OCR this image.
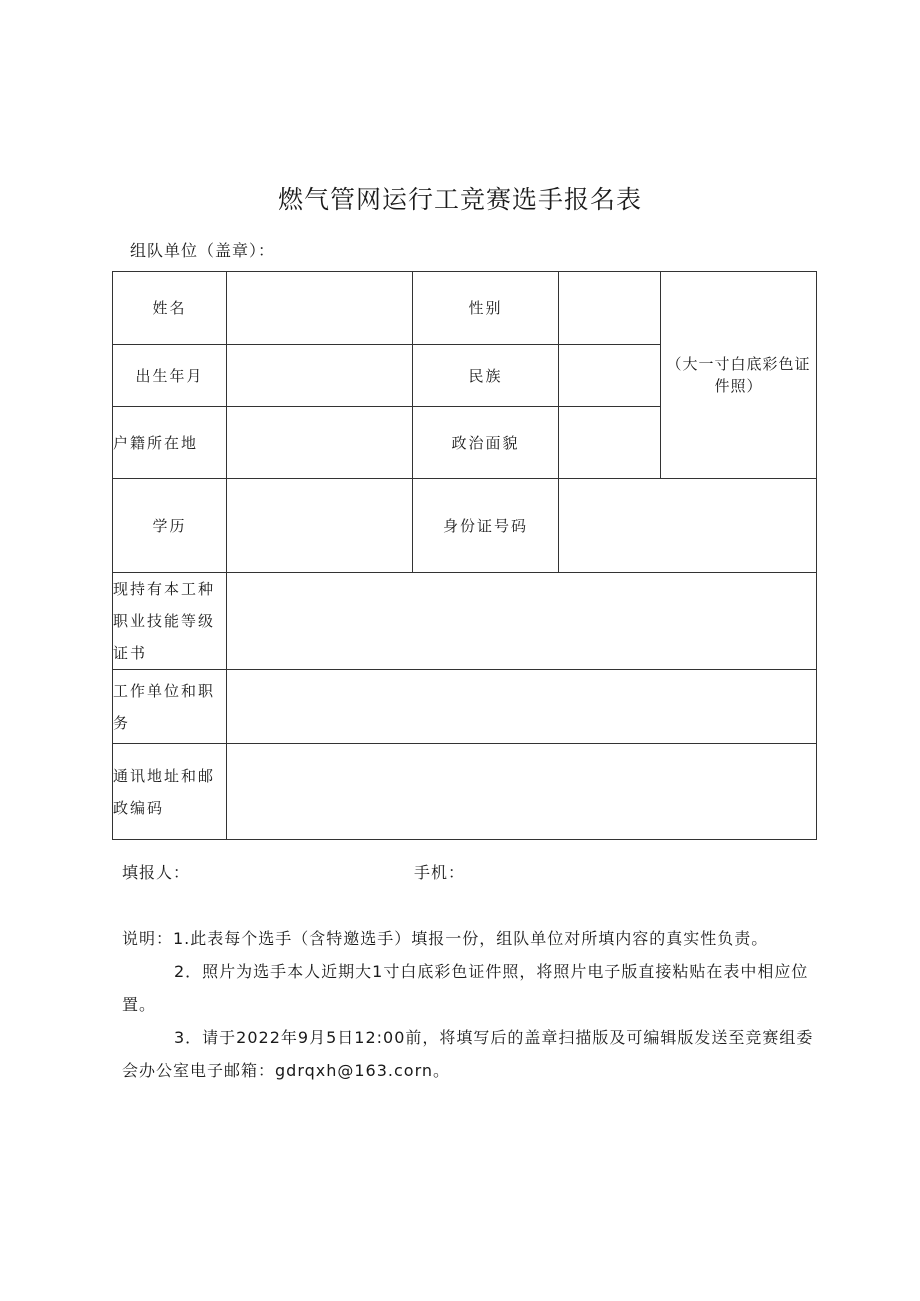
燃气管网运行工竞赛选手报名表
组队单位（盖章）：
姓名		性别		（大一寸白底彩色证件照）
出生年月		民族		
户籍所在地		政治面貌		
学历		身份证号码		
现持有本工种职业技能等级证书				
工作单位和职务				
通讯地址和邮政编码				
填报人：	手机：

说明：1.此表每个选手（含特邀选手）填报一份，组队单位对所填内容的真实性负责。

2．照片为选手本人近期大1寸白底彩色证件照，将照片电子版直接粘贴在表中相应位置。

3．请于2022年9月5日12:00前，将填写后的盖章扫描版及可编辑版发送至竞赛组委会办公室电子邮箱：gdrqxh@163.corn。
